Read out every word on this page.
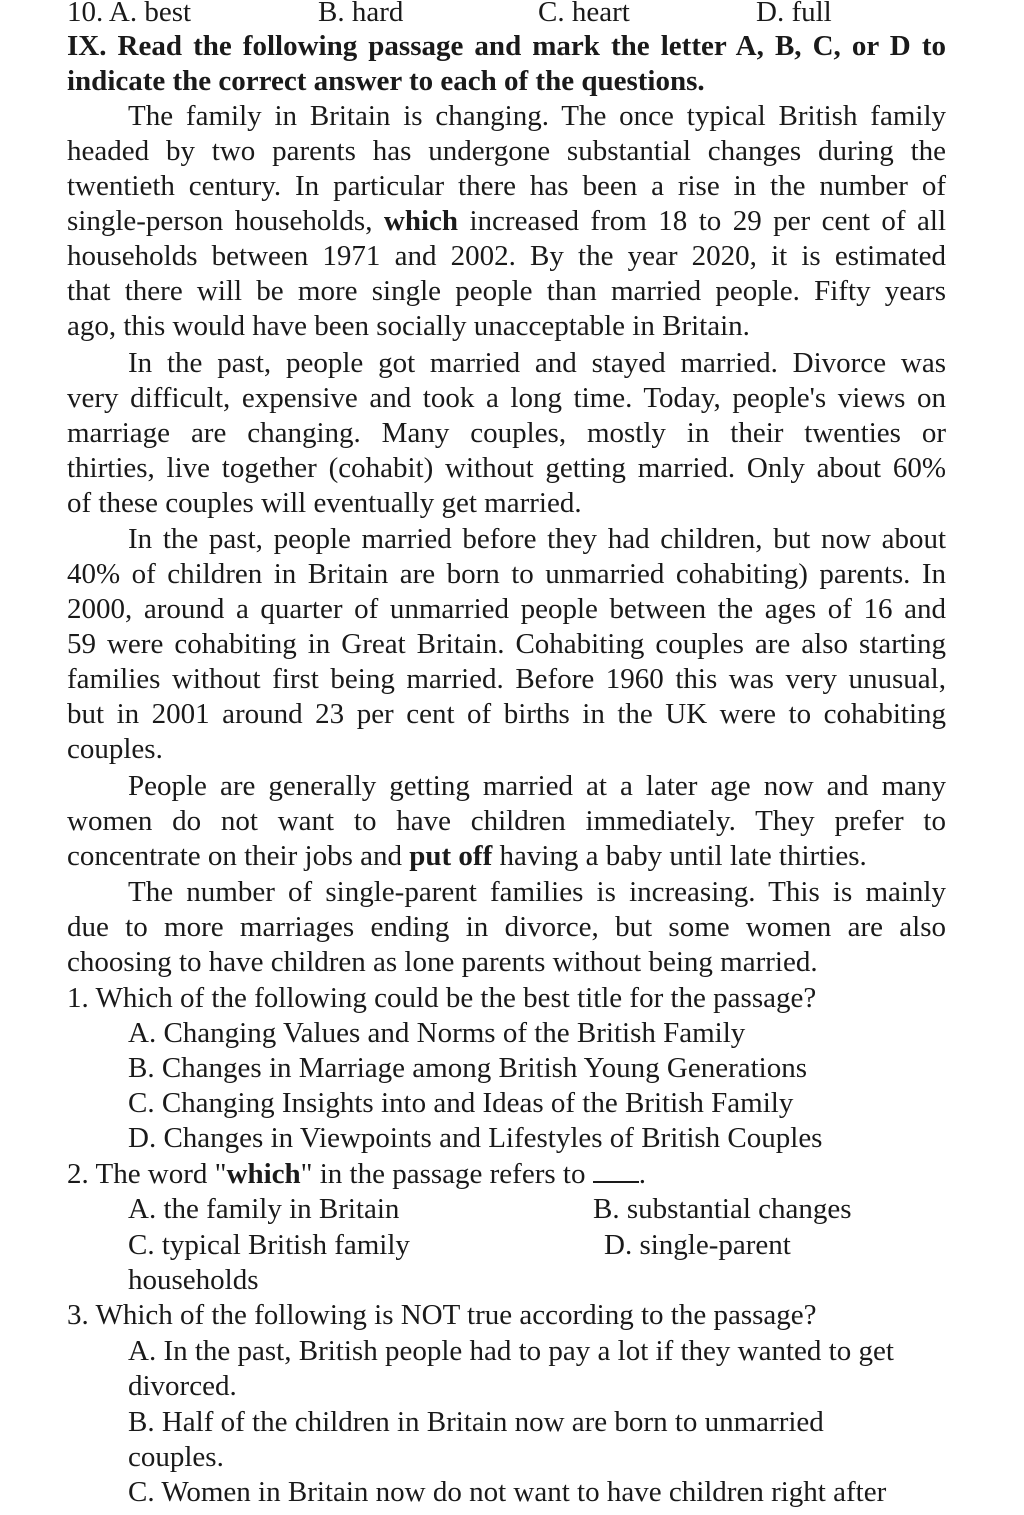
10. A. best	B. hard	C. heart	D. full
IX. Read the following passage and mark the letter A, B, C, or D to
indicate the correct answer to each of the questions.
The family in Britain is changing. The once typical British family
headed by two parents has undergone substantial changes during the
twentieth century. In particular there has been a rise in the number of
single-person households, which increased from 18 to 29 per cent of all
households between 1971 and 2002. By the year 2020, it is estimated
that there will be more single people than married people. Fifty years
ago, this would have been socially unacceptable in Britain.
In the past, people got married and stayed married. Divorce was
very difficult, expensive and took a long time. Today, people's views on
marriage are changing. Many couples, mostly in their twenties or
thirties, live together (cohabit) without getting married. Only about 60%
of these couples will eventually get married.
In the past, people married before they had children, but now about
40% of children in Britain are born to unmarried cohabiting) parents. In
2000, around a quarter of unmarried people between the ages of 16 and
59 were cohabiting in Great Britain. Cohabiting couples are also starting
families without first being married. Before 1960 this was very unusual,
but in 2001 around 23 per cent of births in the UK were to cohabiting
couples.
People are generally getting married at a later age now and many
women do not want to have children immediately. They prefer to
concentrate on their jobs and put off having a baby until late thirties.
The number of single-parent families is increasing. This is mainly
due to more marriages ending in divorce, but some women are also
choosing to have children as lone parents without being married.
1. Which of the following could be the best title for the passage?
A. Changing Values and Norms of the British Family
B. Changes in Marriage among British Young Generations
C. Changing Insights into and Ideas of the British Family
D. Changes in Viewpoints and Lifestyles of British Couples
2. The word "which" in the passage refers to .
A. the family in Britain	B. substantial changes
C. typical British family	D. single-parent
households
3. Which of the following is NOT true according to the passage?
A. In the past, British people had to pay a lot if they wanted to get
divorced.
B. Half of the children in Britain now are born to unmarried
couples.
C. Women in Britain now do not want to have children right after
